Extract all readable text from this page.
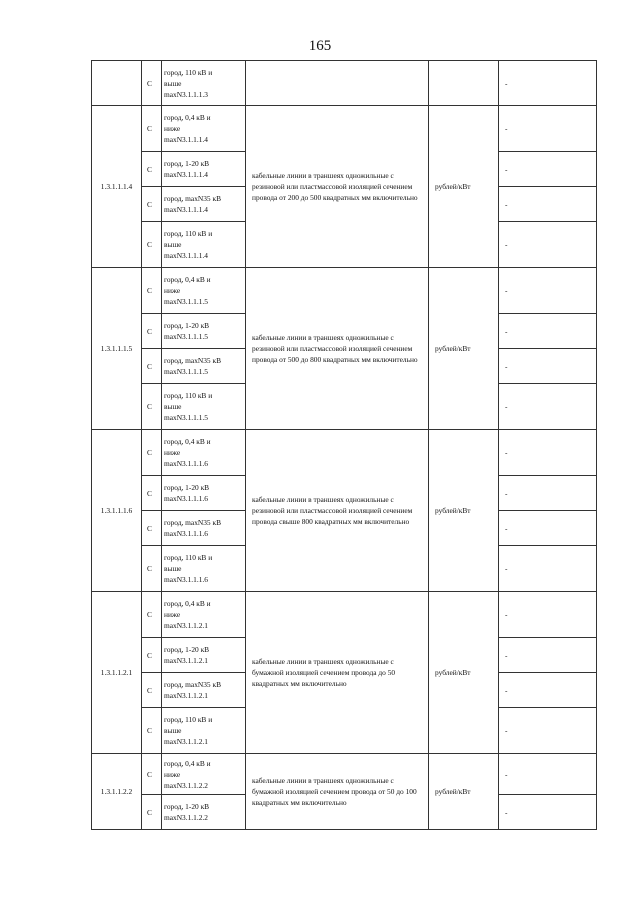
165
	С	город, 110 кВ и
выше
maxN3.1.1.1.3			-
1.3.1.1.1.4	С	город, 0,4 кВ и
ниже
maxN3.1.1.1.4	кабельные линии в траншеях одножильные с резиновой или пластмассовой изоляцией сечением провода от 200 до 500 квадратных мм включительно	рублей/кВт	-
	С	город, 1-20 кВ
maxN3.1.1.1.4			-
	С	город, maxN35 кВ
maxN3.1.1.1.4			-
	С	город, 110 кВ и
выше
maxN3.1.1.1.4			-
1.3.1.1.1.5	С	город, 0,4 кВ и
ниже
maxN3.1.1.1.5	кабельные линии в траншеях одножильные с резиновой или пластмассовой изоляцией сечением провода от 500 до 800 квадратных мм включительно	рублей/кВт	-
	С	город, 1-20 кВ
maxN3.1.1.1.5			-
	С	город, maxN35 кВ
maxN3.1.1.1.5			-
	С	город, 110 кВ и
выше
maxN3.1.1.1.5			-
1.3.1.1.1.6	С	город, 0,4 кВ и
ниже
maxN3.1.1.1.6	кабельные линии в траншеях одножильные с резиновой или пластмассовой изоляцией сечением провода свыше 800 квадратных мм включительно	рублей/кВт	-
	С	город, 1-20 кВ
maxN3.1.1.1.6			-
	С	город, maxN35 кВ
maxN3.1.1.1.6			-
	С	город, 110 кВ и
выше
maxN3.1.1.1.6			-
1.3.1.1.2.1	С	город, 0,4 кВ и
ниже
maxN3.1.1.2.1	кабельные линии в траншеях одножильные с бумажной изоляцией сечением провода до 50 квадратных мм включительно	рублей/кВт	-
	С	город, 1-20 кВ
maxN3.1.1.2.1			-
	С	город, maxN35 кВ
maxN3.1.1.2.1			-
	С	город, 110 кВ и
выше
maxN3.1.1.2.1			-
1.3.1.1.2.2	С	город, 0,4 кВ и
ниже
maxN3.1.1.2.2	кабельные линии в траншеях одножильные с бумажной изоляцией сечением провода от 50 до 100 квадратных мм включительно	рублей/кВт	-
	С	город, 1-20 кВ
maxN3.1.1.2.2			-
